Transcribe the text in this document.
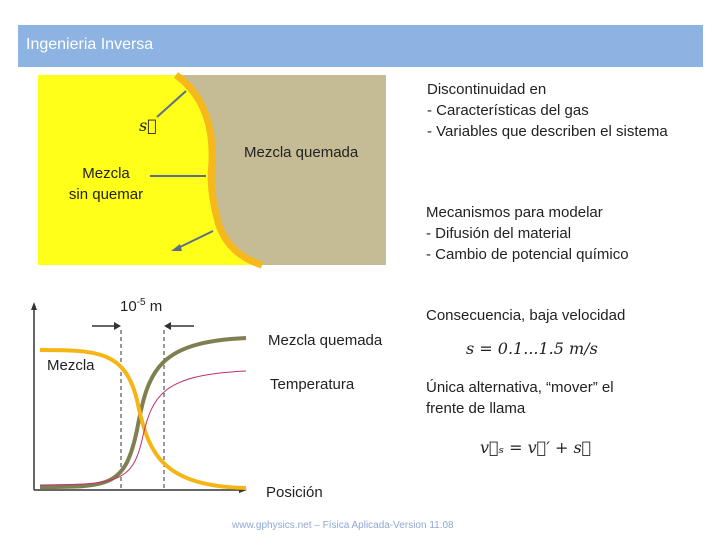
Ingenieria Inversa
s⃗
Mezcla quemada
Mezcla
sin quemar
Discontinuidad en
- Características del gas
- Variables que describen el sistema
Mecanismos para modelar
- Difusión del material
- Cambio de potencial químico
$10^{-5}$ m
Consecuencia, baja velocidad
Mezcla quemada	s = 0.1...1.5 m/s
Mezcla
Temperatura	Única alternativa, “mover” el
frente de llama
v⃗ₛ = v⃗′ + s⃗
Posición
www.gphysics.net – Física Aplicada-Version 11.08
